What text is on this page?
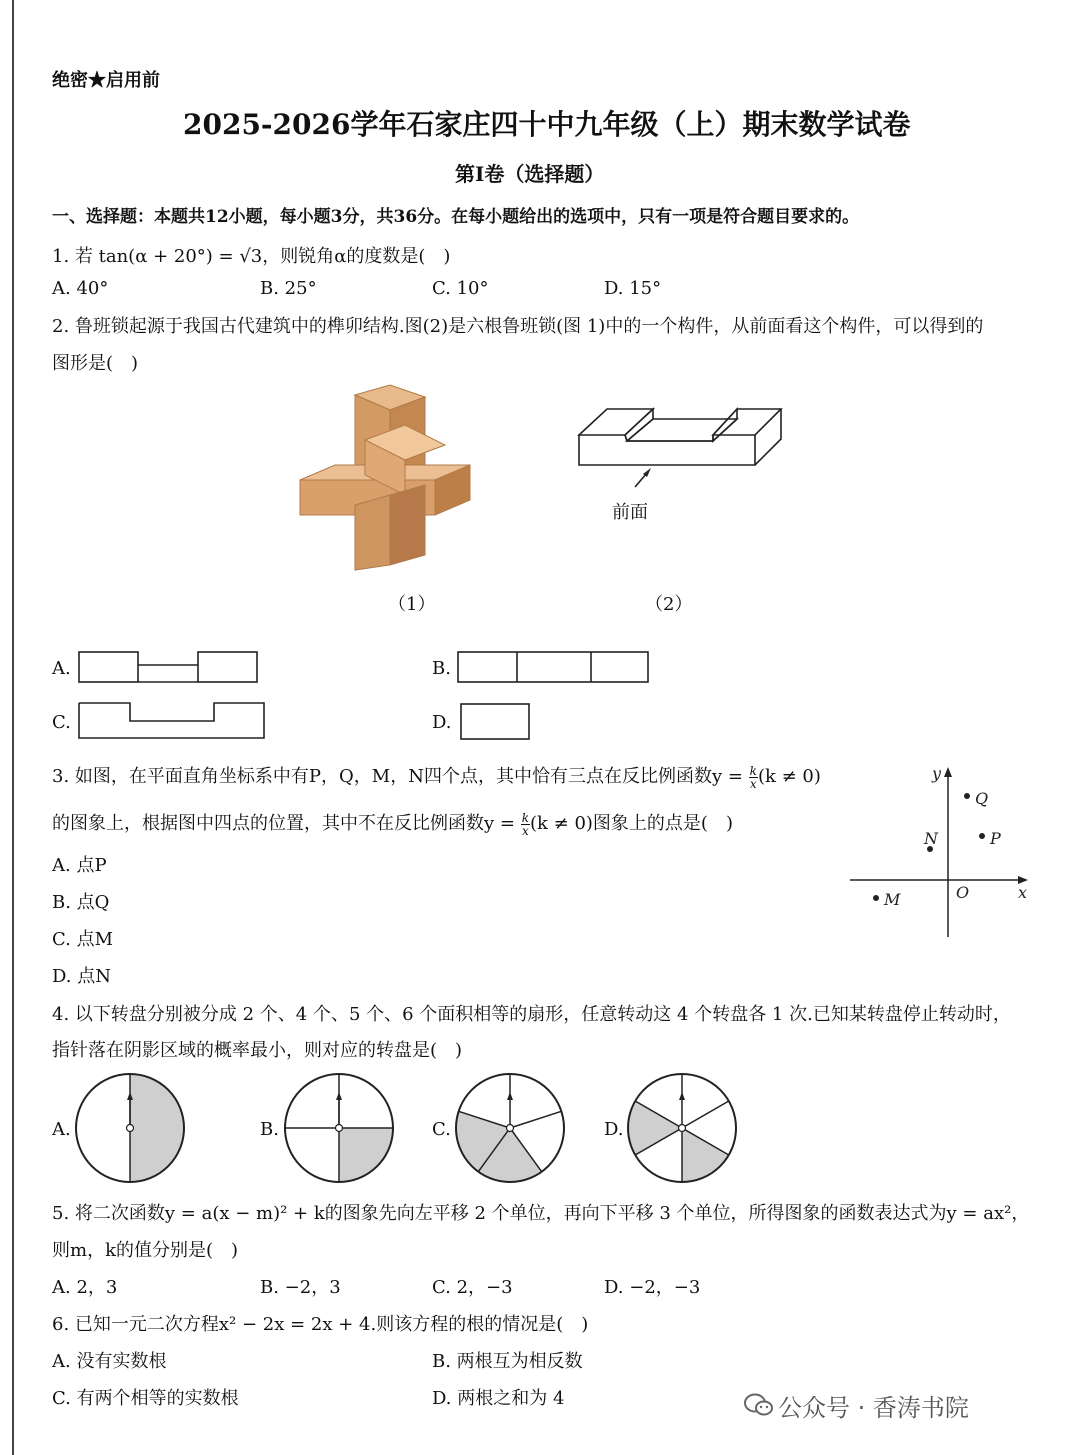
绝密★启用前
2025-2026学年石家庄四十中九年级（上）期末数学试卷
第Ⅰ卷（选择题）
一、选择题：本题共12小题，每小题3分，共36分。在每小题给出的选项中，只有一项是符合题目要求的。
1. 若 tan(α + 20°) = √3，则锐角α的度数是(　)
A. 40°	B. 25°	C. 10°	D. 15°
2. 鲁班锁起源于我国古代建筑中的榫卯结构.图(2)是六根鲁班锁(图 1)中的一个构件，从前面看这个构件，可以得到的
图形是(　)
（1）
前面
（2）
A.	B.
C.	D.
3. 如图，在平面直角坐标系中有P，Q，M，N四个点，其中恰有三点在反比例函数$y = \frac{k}{x} (k \ne 0)$
的图象上，根据图中四点的位置，其中不在反比例函数$y = \frac{k}{x} (k \ne 0)$图象上的点是(　)
A. 点P
B. 点Q
C. 点M
D. 点N
y
x
O
Q
P
N
M
4. 以下转盘分别被分成 2 个、4 个、5 个、6 个面积相等的扇形，任意转动这 4 个转盘各 1 次.已知某转盘停止转动时，
指针落在阴影区域的概率最小，则对应的转盘是(　)
A.	B.	C.	D.
5. 将二次函数y = a(x − m)² + k的图象先向左平移 2 个单位，再向下平移 3 个单位，所得图象的函数表达式为y = ax²，
则m，k的值分别是(　)
A. 2，3	B. −2，3	C. 2，−3	D. −2，−3
6. 已知一元二次方程x² − 2x = 2x + 4.则该方程的根的情况是(　)
A. 没有实数根	B. 两根互为相反数
C. 有两个相等的实数根	D. 两根之和为 4	公众号 · 香涛书院
